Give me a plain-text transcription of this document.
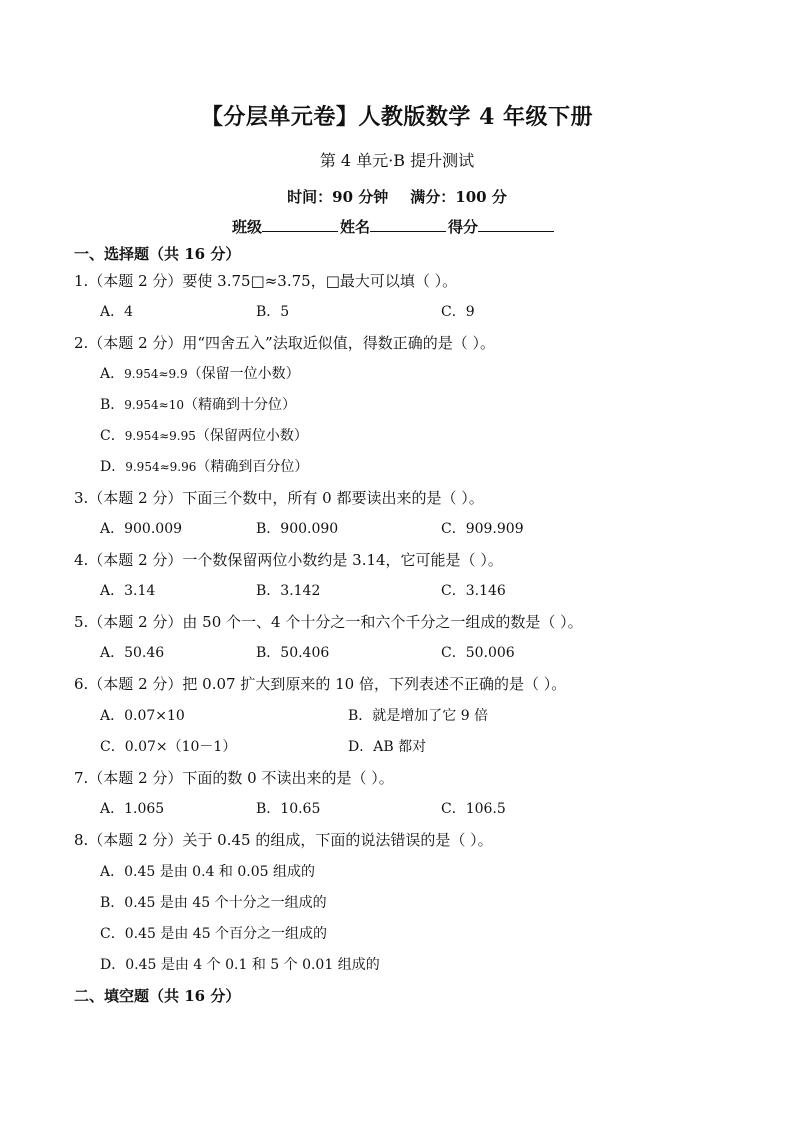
【分层单元卷】人教版数学 4 年级下册
第 4 单元·B 提升测试
时间：90 分钟 满分：100 分
班级	姓名	得分
一、选择题（共 16 分）
1.（本题 2 分）要使 3.75□≈3.75，□最大可以填（ ）。
A．4	B．5	C．9
2.（本题 2 分）用“四舍五入”法取近似值，得数正确的是（ ）。
A．9.954≈9.9（保留一位小数）
B．9.954≈10（精确到十分位）
C．9.954≈9.95（保留两位小数）
D．9.954≈9.96（精确到百分位）
3.（本题 2 分）下面三个数中，所有 0 都要读出来的是（ ）。
A．900.009	B．900.090	C．909.909
4.（本题 2 分）一个数保留两位小数约是 3.14，它可能是（ ）。
A．3.14	B．3.142	C．3.146
5.（本题 2 分）由 50 个一、4 个十分之一和六个千分之一组成的数是（ ）。
A．50.46	B．50.406	C．50.006
6.（本题 2 分）把 0.07 扩大到原来的 10 倍，下列表述不正确的是（ ）。
A．0.07×10	B．就是增加了它 9 倍
C．0.07×（10－1）	D．AB 都对
7.（本题 2 分）下面的数 0 不读出来的是（ ）。
A．1.065	B．10.65	C．106.5
8.（本题 2 分）关于 0.45 的组成，下面的说法错误的是（ ）。
A．0.45 是由 0.4 和 0.05 组成的
B．0.45 是由 45 个十分之一组成的
C．0.45 是由 45 个百分之一组成的
D．0.45 是由 4 个 0.1 和 5 个 0.01 组成的
二、填空题（共 16 分）
